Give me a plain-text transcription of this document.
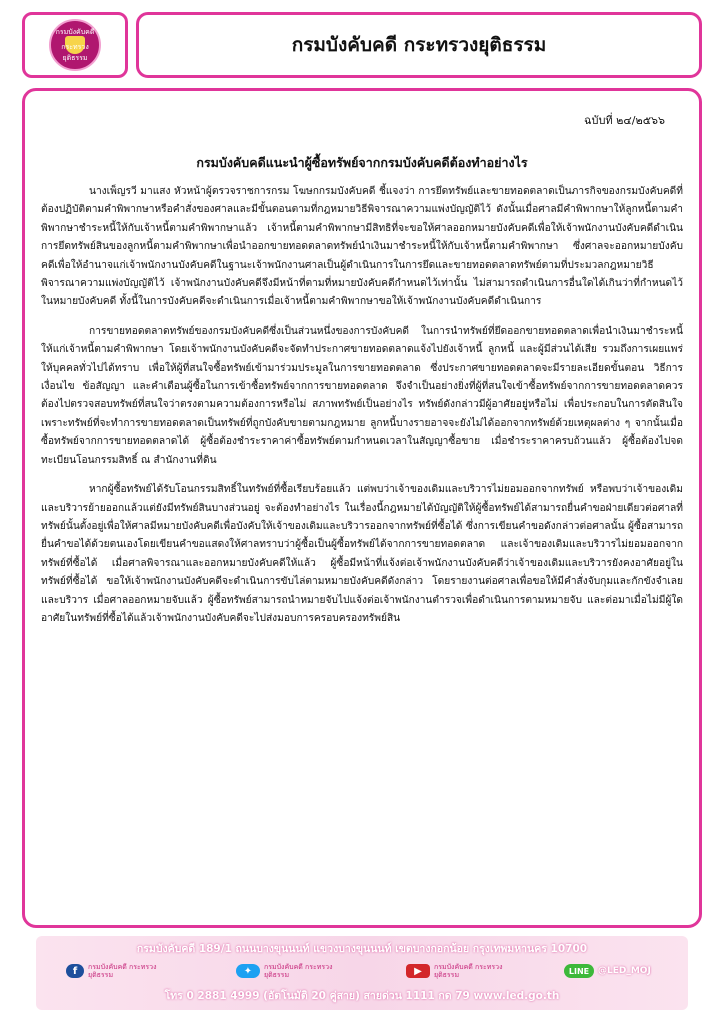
กรมบังคับคดี
กระทรวงยุติธรรม
กรมบังคับคดี กระทรวงยุติธรรม
ฉบับที่ ๒๔/๒๕๖๖
กรมบังคับคดีแนะนำผู้ซื้อทรัพย์จากกรมบังคับคดีต้องทำอย่างไร

นางเพ็ญรวี มาแสง หัวหน้าผู้ตรวจราชการกรม โฆษกกรมบังคับคดี ชี้แจงว่า การยึดทรัพย์และขายทอดตลาดเป็นภารกิจของกรมบังคับคดีที่ต้องปฏิบัติตามคำพิพากษาหรือคำสั่งของศาลและมีขั้นตอนตามที่กฎหมายวิธีพิจารณาความแพ่งบัญญัติไว้ ดังนั้นเมื่อศาลมีคำพิพากษาให้ลูกหนี้ตามคำพิพากษาชำระหนี้ให้กับเจ้าหนี้ตามคำพิพากษาแล้ว เจ้าหนี้ตามคำพิพากษามีสิทธิที่จะขอให้ศาลออกหมายบังคับคดีเพื่อให้เจ้าพนักงานบังคับคดีดำเนินการยึดทรัพย์สินของลูกหนี้ตามคำพิพากษาเพื่อนำออกขายทอดตลาดทรัพย์นำเงินมาชำระหนี้ให้กับเจ้าหนี้ตามคำพิพากษา ซึ่งศาลจะออกหมายบังคับคดีเพื่อให้อำนาจแก่เจ้าพนักงานบังคับคดีในฐานะเจ้าพนักงานศาลเป็นผู้ดำเนินการในการยึดและขายทอดตลาดทรัพย์ตามที่ประมวลกฎหมายวิธีพิจารณาความแพ่งบัญญัติไว้ เจ้าพนักงานบังคับคดีจึงมีหน้าที่ตามที่หมายบังคับคดีกำหนดไว้เท่านั้น ไม่สามารถดำเนินการอื่นใดได้เกินว่าที่กำหนดไว้ในหมายบังคับคดี ทั้งนี้ในการบังคับคดีจะดำเนินการเมื่อเจ้าหนี้ตามคำพิพากษาขอให้เจ้าพนักงานบังคับคดีดำเนินการ

การขายทอดตลาดทรัพย์ของกรมบังคับคดีซึ่งเป็นส่วนหนึ่งของการบังคับคดี ในการนำทรัพย์ที่ยึดออกขายทอดตลาดเพื่อนำเงินมาชำระหนี้ให้แก่เจ้าหนี้ตามคำพิพากษา โดยเจ้าพนักงานบังคับคดีจะจัดทำประกาศขายทอดตลาดแจ้งไปยังเจ้าหนี้ ลูกหนี้ และผู้มีส่วนได้เสีย รวมถึงการเผยแพร่ให้บุคคลทั่วไปได้ทราบ เพื่อให้ผู้ที่สนใจซื้อทรัพย์เข้ามาร่วมประมูลในการขายทอดตลาด ซึ่งประกาศขายทอดตลาดจะมีรายละเอียดขั้นตอน วิธีการ เงื่อนไข ข้อสัญญา และคำเตือนผู้ซื้อในการเข้าซื้อทรัพย์จากการขายทอดตลาด จึงจำเป็นอย่างยิ่งที่ผู้ที่สนใจเข้าซื้อทรัพย์จากการขายทอดตลาดควรต้องไปตรวจสอบทรัพย์ที่สนใจว่าตรงตามความต้องการหรือไม่ สภาพทรัพย์เป็นอย่างไร ทรัพย์ดังกล่าวมีผู้อาศัยอยู่หรือไม่ เพื่อประกอบในการตัดสินใจเพราะทรัพย์ที่จะทำการขายทอดตลาดเป็นทรัพย์ที่ถูกบังคับขายตามกฎหมาย ลูกหนี้บางรายอาจจะยังไม่ได้ออกจากทรัพย์ด้วยเหตุผลต่าง ๆ จากนั้นเมื่อซื้อทรัพย์จากการขายทอดตลาดได้ ผู้ซื้อต้องชำระราคาค่าซื้อทรัพย์ตามกำหนดเวลาในสัญญาซื้อขาย เมื่อชำระราคาครบถ้วนแล้ว ผู้ซื้อต้องไปจดทะเบียนโอนกรรมสิทธิ์ ณ สำนักงานที่ดิน

หากผู้ซื้อทรัพย์ได้รับโอนกรรมสิทธิ์ในทรัพย์ที่ซื้อเรียบร้อยแล้ว แต่พบว่าเจ้าของเดิมและบริวารไม่ยอมออกจากทรัพย์ หรือพบว่าเจ้าของเดิมและบริวารย้ายออกแล้วแต่ยังมีทรัพย์สินบางส่วนอยู่ จะต้องทำอย่างไร ในเรื่องนี้กฎหมายได้บัญญัติให้ผู้ซื้อทรัพย์ได้สามารถยื่นคำขอฝ่ายเดียวต่อศาลที่ทรัพย์นั้นตั้งอยู่เพื่อให้ศาลมีหมายบังคับคดีเพื่อบังคับให้เจ้าของเดิมและบริวารออกจากทรัพย์ที่ซื้อได้ ซึ่งการเขียนคำขอดังกล่าวต่อศาลนั้น ผู้ซื้อสามารถยื่นคำขอได้ด้วยตนเองโดยเขียนคำขอแสดงให้ศาลทราบว่าผู้ซื้อเป็นผู้ซื้อทรัพย์ได้จากการขายทอดตลาด และเจ้าของเดิมและบริวารไม่ยอมออกจากทรัพย์ที่ซื้อได้ เมื่อศาลพิจารณาและออกหมายบังคับคดีให้แล้ว ผู้ซื้อมีหน้าที่แจ้งต่อเจ้าพนักงานบังคับคดีว่าเจ้าของเดิมและบริวารยังคงอาศัยอยู่ในทรัพย์ที่ซื้อได้ ขอให้เจ้าพนักงานบังคับคดีจะดำเนินการขับไล่ตามหมายบังคับคดีดังกล่าว โดยรายงานต่อศาลเพื่อขอให้มีคำสั่งจับกุมและกักขังจำเลยและบริวาร เมื่อศาลออกหมายจับแล้ว ผู้ซื้อทรัพย์สามารถนำหมายจับไปแจ้งต่อเจ้าพนักงานตำรวจเพื่อดำเนินการตามหมายจับ และต่อมาเมื่อไม่มีผู้ใดอาศัยในทรัพย์ที่ซื้อได้แล้วเจ้าพนักงานบังคับคดีจะไปส่งมอบการครอบครองทรัพย์สิน

กรมบังคับคดี 189/1 ถนนบางขุนนนท์ แขวงบางขุนนนท์ เขตบางกอกน้อย กรุงเทพมหานคร 10700
f	กรมบังคับคดี กระทรวงยุติธรรม	✦	กรมบังคับคดี กระทรวงยุติธรรม	▶	กรมบังคับคดี กระทรวงยุติธรรม	LINE @LED_MOJ
โทร 0 2881 4999 (อัตโนมัติ 20 คู่สาย) สายด่วน 1111 กด 79 www.led.go.th
